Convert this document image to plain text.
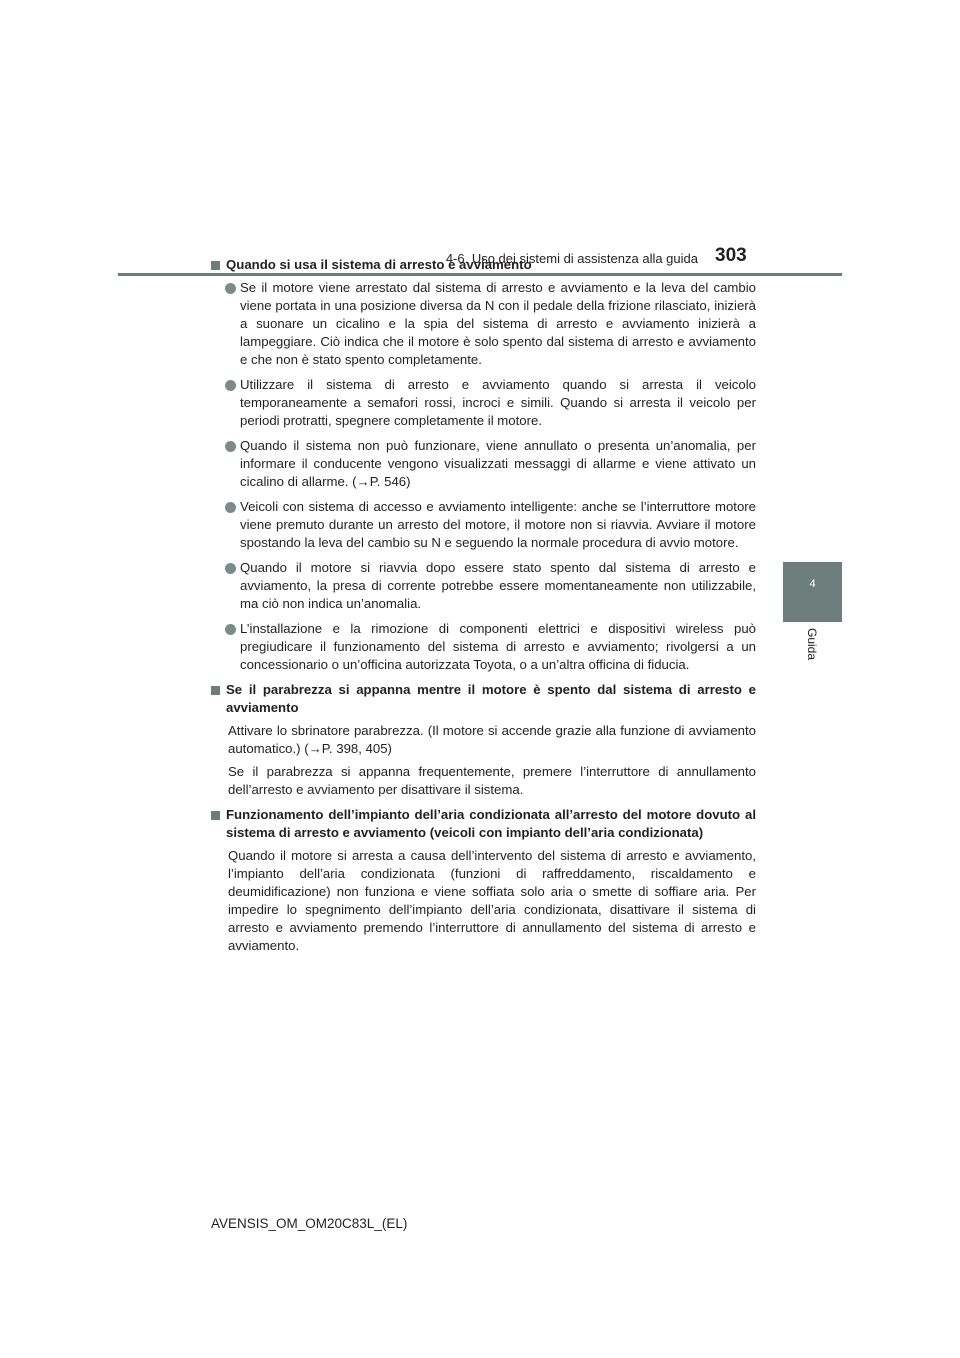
4-6. Uso dei sistemi di assistenza alla guida 303
4
Guida
Quando si usa il sistema di arresto e avviamento
Se il motore viene arrestato dal sistema di arresto e avviamento e la leva del cambio viene portata in una posizione diversa da N con il pedale della frizione rilasciato, inizierà a suonare un cicalino e la spia del sistema di arresto e avviamento inizierà a lampeggiare. Ciò indica che il motore è solo spento dal sistema di arresto e avviamento e che non è stato spento completamente.
Utilizzare il sistema di arresto e avviamento quando si arresta il veicolo temporaneamente a semafori rossi, incroci e simili. Quando si arresta il veicolo per periodi protratti, spegnere completamente il motore.
Quando il sistema non può funzionare, viene annullato o presenta un’anomalia, per informare il conducente vengono visualizzati messaggi di allarme e viene attivato un cicalino di allarme. (→P. 546)
Veicoli con sistema di accesso e avviamento intelligente: anche se l’interruttore motore viene premuto durante un arresto del motore, il motore non si riavvia. Avviare il motore spostando la leva del cambio su N e seguendo la normale procedura di avvio motore.
Quando il motore si riavvia dopo essere stato spento dal sistema di arresto e avviamento, la presa di corrente potrebbe essere momentaneamente non utilizzabile, ma ciò non indica un’anomalia.
L’installazione e la rimozione di componenti elettrici e dispositivi wireless può pregiudicare il funzionamento del sistema di arresto e avviamento; rivolgersi a un concessionario o un’officina autorizzata Toyota, o a un’altra officina di fiducia.
Se il parabrezza si appanna mentre il motore è spento dal sistema di arresto e avviamento
Attivare lo sbrinatore parabrezza. (Il motore si accende grazie alla funzione di avviamento automatico.) (→P. 398, 405)
Se il parabrezza si appanna frequentemente, premere l’interruttore di annullamento dell’arresto e avviamento per disattivare il sistema.
Funzionamento dell’impianto dell’aria condizionata all’arresto del motore dovuto al sistema di arresto e avviamento (veicoli con impianto dell’aria condizionata)
Quando il motore si arresta a causa dell’intervento del sistema di arresto e avviamento, l’impianto dell’aria condizionata (funzioni di raffreddamento, riscaldamento e deumidificazione) non funziona e viene soffiata solo aria o smette di soffiare aria. Per impedire lo spegnimento dell’impianto dell’aria condizionata, disattivare il sistema di arresto e avviamento premendo l’interruttore di annullamento del sistema di arresto e avviamento.
AVENSIS_OM_OM20C83L_(EL)
